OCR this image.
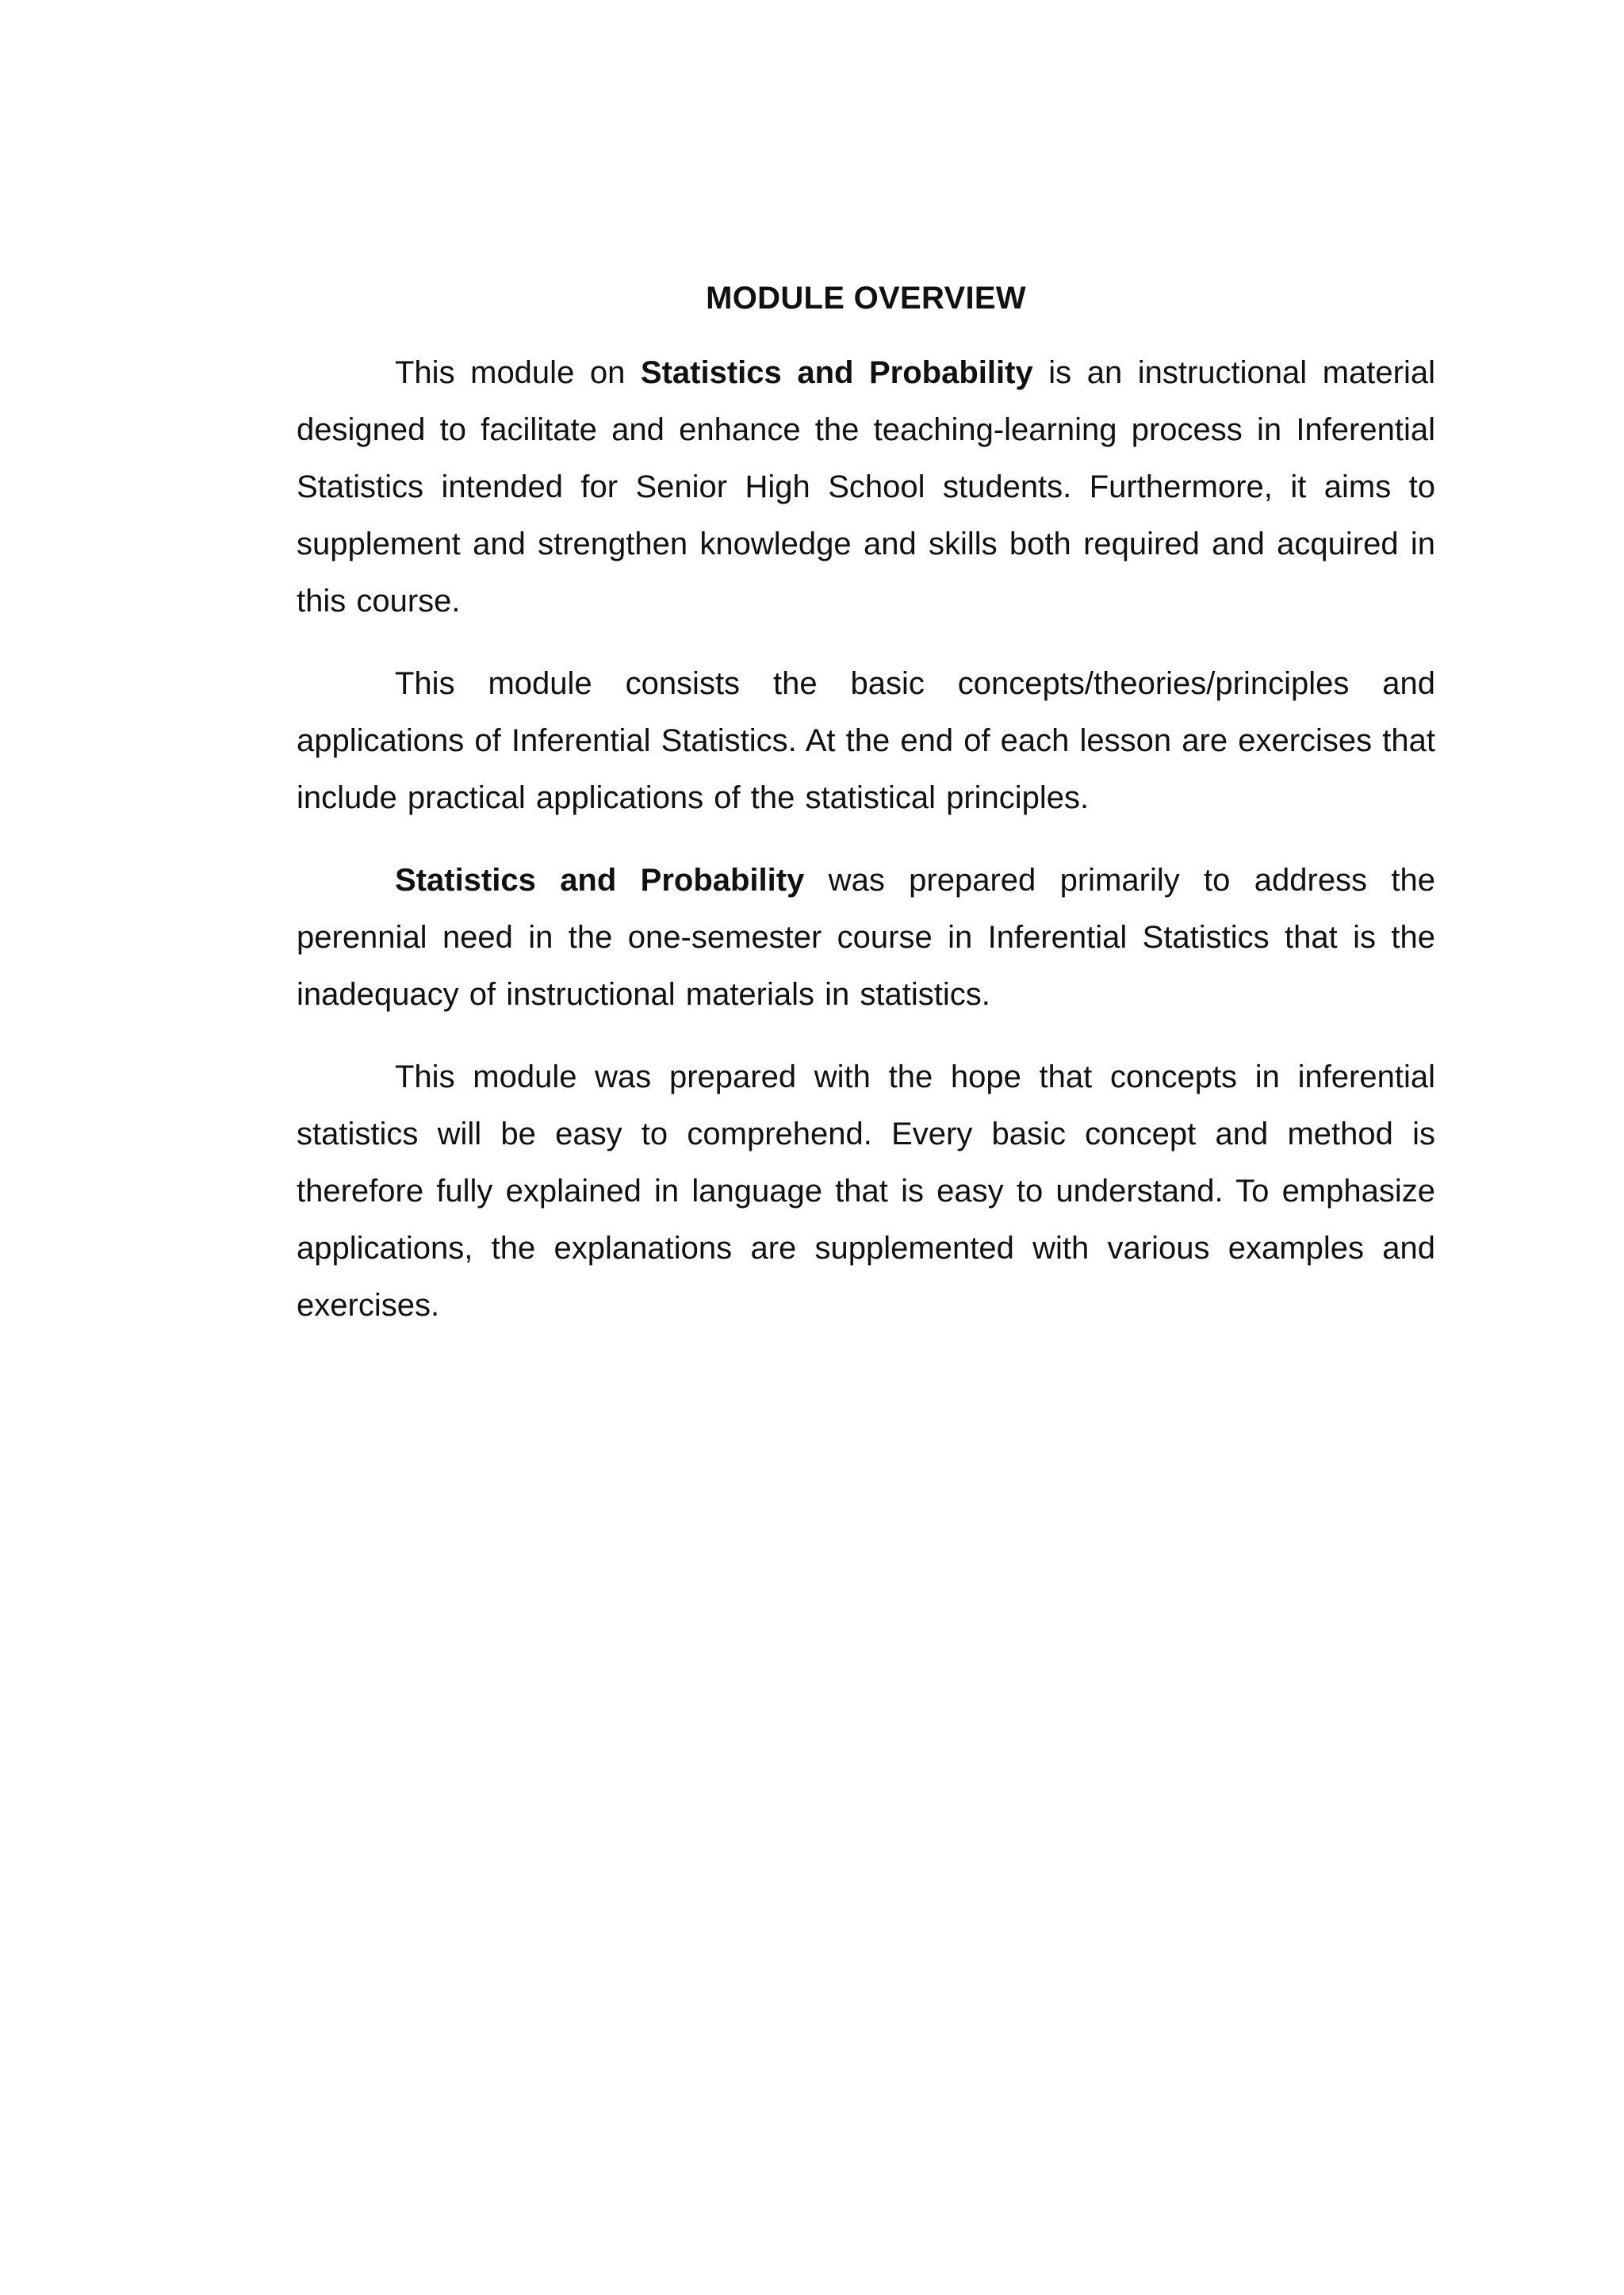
MODULE OVERVIEW

This module on Statistics and Probability is an instructional material designed to facilitate and enhance the teaching-learning process in Inferential Statistics intended for Senior High School students. Furthermore, it aims to supplement and strengthen knowledge and skills both required and acquired in this course.

This module consists the basic concepts/theories/principles and applications of Inferential Statistics. At the end of each lesson are exercises that include practical applications of the statistical principles.

Statistics and Probability was prepared primarily to address the perennial need in the one-semester course in Inferential Statistics that is the inadequacy of instructional materials in statistics.

This module was prepared with the hope that concepts in inferential statistics will be easy to comprehend. Every basic concept and method is therefore fully explained in language that is easy to understand. To emphasize applications, the explanations are supplemented with various examples and exercises.
